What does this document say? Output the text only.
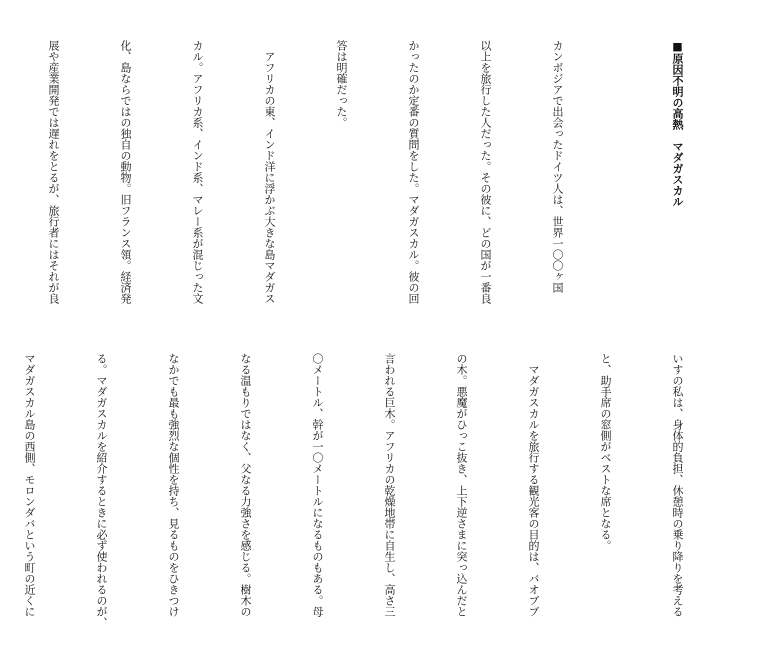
■原因不明の高熱　マダガスカル

カンボジアで出会ったドイツ人は、世界一〇〇ヶ国

以上を旅行した人だった。その彼に、どの国が一番良

かったのか定番の質問をした。マダガスカル。彼の回

答は明確だった。

　アフリカの東、インド洋に浮かぶ大きな島マダガス

カル。アフリカ系、インド系、マレー系が混じった文

化、島ならではの独自の動物。旧フランス領。経済発

展や産業開発では遅れをとるが、旅行者にはそれが良

いすの私は、身体的負担、休憩時の乗り降りを考える

と、助手席の窓側がベストな席となる。

　マダガスカルを旅行する観光客の目的は、バオブブ

の木。悪魔がひっこ抜き、上下逆さまに突っ込んだと

言われる巨木。アフリカの乾燥地帯に自生し、高さ三

〇メートル、幹が一〇メートルになるものもある。母

なる温もりではなく、父なる力強さを感じる。樹木の

なかでも最も強烈な個性を持ち、見るものをひきつけ

る。マダガスカルを紹介するときに必ず使われるのが、

マダガスカル島の西側、モロンダバという町の近くに
